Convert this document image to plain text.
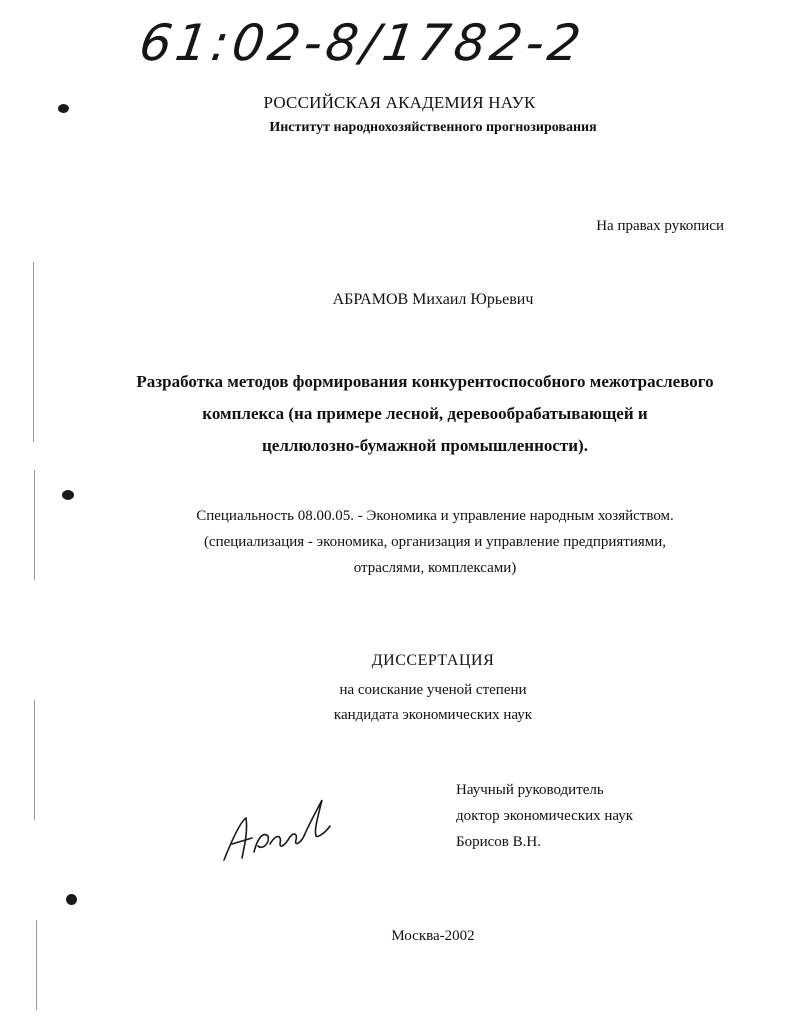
61:02-8/1782-2
РОССИЙСКАЯ АКАДЕМИЯ НАУК
Институт народнохозяйственного прогнозирования
На правах рукописи
АБРАМОВ Михаил Юрьевич
Разработка методов формирования конкурентоспособного межотраслевого
комплекса (на примере лесной, деревообрабатывающей и
целлюлозно-бумажной промышленности).
Специальность 08.00.05. - Экономика и управление народным хозяйством.
(специализация - экономика, организация и управление предприятиями,
отраслями, комплексами)
ДИССЕРТАЦИЯ
на соискание ученой степени
кандидата экономических наук
Научный руководитель
доктор экономических наук
Борисов В.Н.
Москва-2002
